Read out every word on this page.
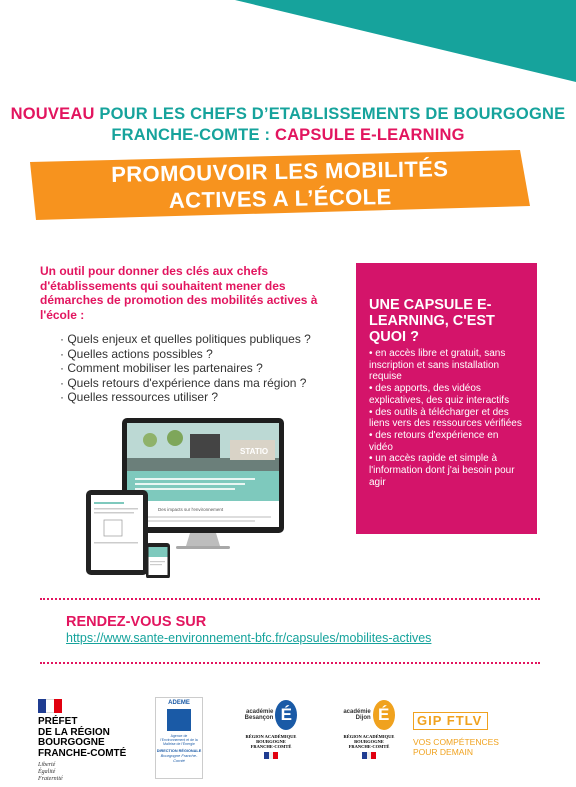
NOUVEAU POUR LES CHEFS D’ETABLISSEMENTS DE BOURGOGNE FRANCHE-COMTE : CAPSULE E-LEARNING
PROMOUVOIR LES MOBILITÉS
ACTIVES A L’ÉCOLE

Un outil pour donner des clés aux chefs d'établissements qui souhaitent mener des démarches de promotion des mobilités actives à l'école :

· Quels enjeux et quelles politiques publiques ?
· Quelles actions possibles ?
· Comment mobiliser les partenaires ?
· Quels retours d'expérience dans ma région ?
· Quelles ressources utiliser ?
STATIO
Des impacts sur l'environnement
UNE CAPSULE E-LEARNING, C'EST QUOI ?
• en accès libre et gratuit, sans inscription et sans installation requise
• des apports, des vidéos explicatives, des quiz interactifs
• des outils à télécharger et des liens vers des ressources vérifiées
• des retours d'expérience en vidéo
• un accès rapide et simple à l'information dont j'ai besoin pour agir
RENDEZ-VOUS SUR
https://www.sante-environnement-bfc.fr/capsules/mobilites-actives
PRÉFET
DE LA RÉGION
BOURGOGNE
FRANCHE-COMTÉ
Liberté
Égalité
Fraternité
ADEME
Agence de l'Environnement et de la Maîtrise de l'Énergie
DIRECTION RÉGIONALE
Bourgogne Franche-Comté
académie
Besançon É
RÉGION ACADÉMIQUE
BOURGOGNE
FRANCHE-COMTÉ
académie
Dijon É
RÉGION ACADÉMIQUE
BOURGOGNE
FRANCHE-COMTÉ
GIP FTLV
VOS COMPÉTENCES
POUR DEMAIN
